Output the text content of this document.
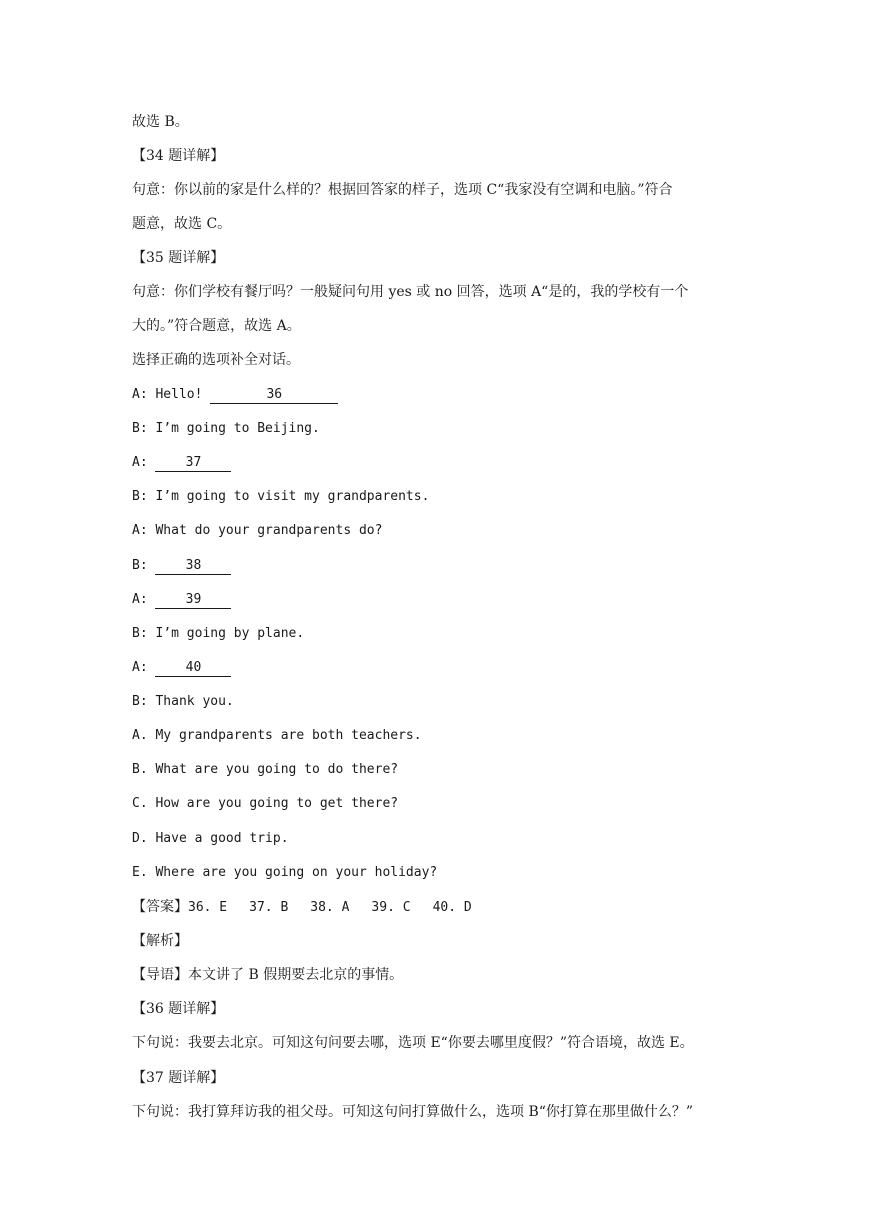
故选 B。
【34 题详解】
句意：你以前的家是什么样的？根据回答家的样子，选项 C“我家没有空调和电脑。”符合
题意，故选 C。
【35 题详解】
句意：你们学校有餐厅吗？一般疑问句用 yes 或 no 回答，选项 A“是的，我的学校有一个
大的。”符合题意，故选 A。
选择正确的选项补全对话。
A: Hello!	36
B: I’m going to Beijing.
A: 37
B: I’m going to visit my grandparents.
A: What do your grandparents do?
B: 38
A: 39
B: I’m going by plane.
A: 40
B: Thank you.
A. My grandparents are both teachers.
B. What are you going to do there?
C. How are you going to get there?
D. Have a good trip.
E. Where are you going on your holiday?
【答案】36. E 37. B 38. A 39. C 40. D
【解析】
【导语】本文讲了 B 假期要去北京的事情。
【36 题详解】
下句说：我要去北京。可知这句问要去哪，选项 E“你要去哪里度假？”符合语境，故选 E。
【37 题详解】
下句说：我打算拜访我的祖父母。可知这句问打算做什么，选项 B“你打算在那里做什么？”
